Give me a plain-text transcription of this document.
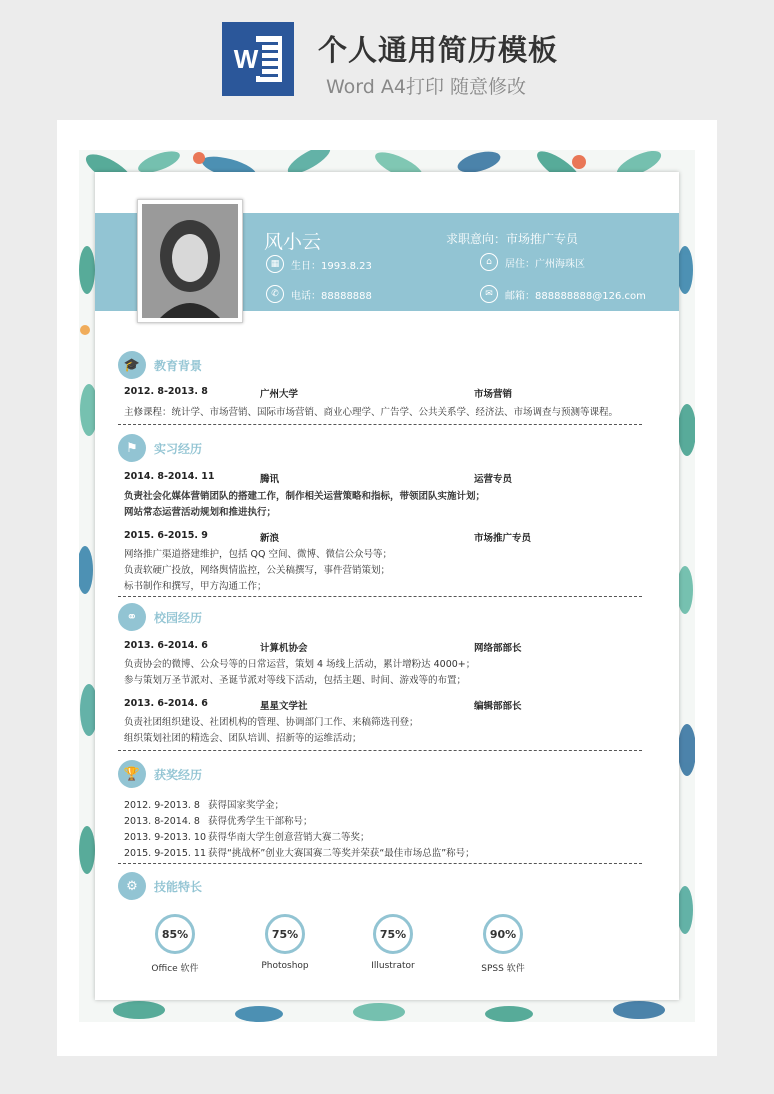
W 个人通用简历模板
Word A4打印 随意修改
风小云	求职意向：市场推广专员
▦	生日：1993.8.23	⌂	居住：广州海珠区
✆	电话：88888888	✉	邮箱：888888888@126.com
🎓	教育背景
2012. 8-2013. 8	广州大学	市场营销
主修课程：统计学、市场营销、国际市场营销、商业心理学、广告学、公共关系学、经济法、市场调查与预测等课程。
⚑	实习经历
2014. 8-2014. 11	腾讯	运营专员
负责社会化媒体营销团队的搭建工作，制作相关运营策略和指标，带领团队实施计划；
网站常态运营活动规划和推进执行；
2015. 6-2015. 9	新浪	市场推广专员
网络推广渠道搭建维护，包括 QQ 空间、微博、微信公众号等；
负责软硬广投放，网络舆情监控，公关稿撰写，事件营销策划；
标书制作和撰写，甲方沟通工作；
⚭	校园经历
2013. 6-2014. 6	计算机协会	网络部部长
负责协会的微博、公众号等的日常运营，策划 4 场线上活动，累计增粉达 4000+；
参与策划万圣节派对、圣诞节派对等线下活动，包括主题、时间、游戏等的布置；
2013. 6-2014. 6	星星文学社	编辑部部长
负责社团组织建设、社团机构的管理、协调部门工作、来稿筛选刊登；
组织策划社团的精选会、团队培训、招新等的运维活动；
🏆	获奖经历
2012. 9-2013. 8 获得国家奖学金；
2013. 8-2014. 8 获得优秀学生干部称号；
2013. 9-2013. 10 获得华南大学生创意营销大赛二等奖；
2015. 9-2015. 11 获得“挑战杯”创业大赛国赛二等奖并荣获“最佳市场总监”称号；
⚙	技能特长
85%
Office 软件
75%
Photoshop
75%
Illustrator
90%
SPSS 软件
